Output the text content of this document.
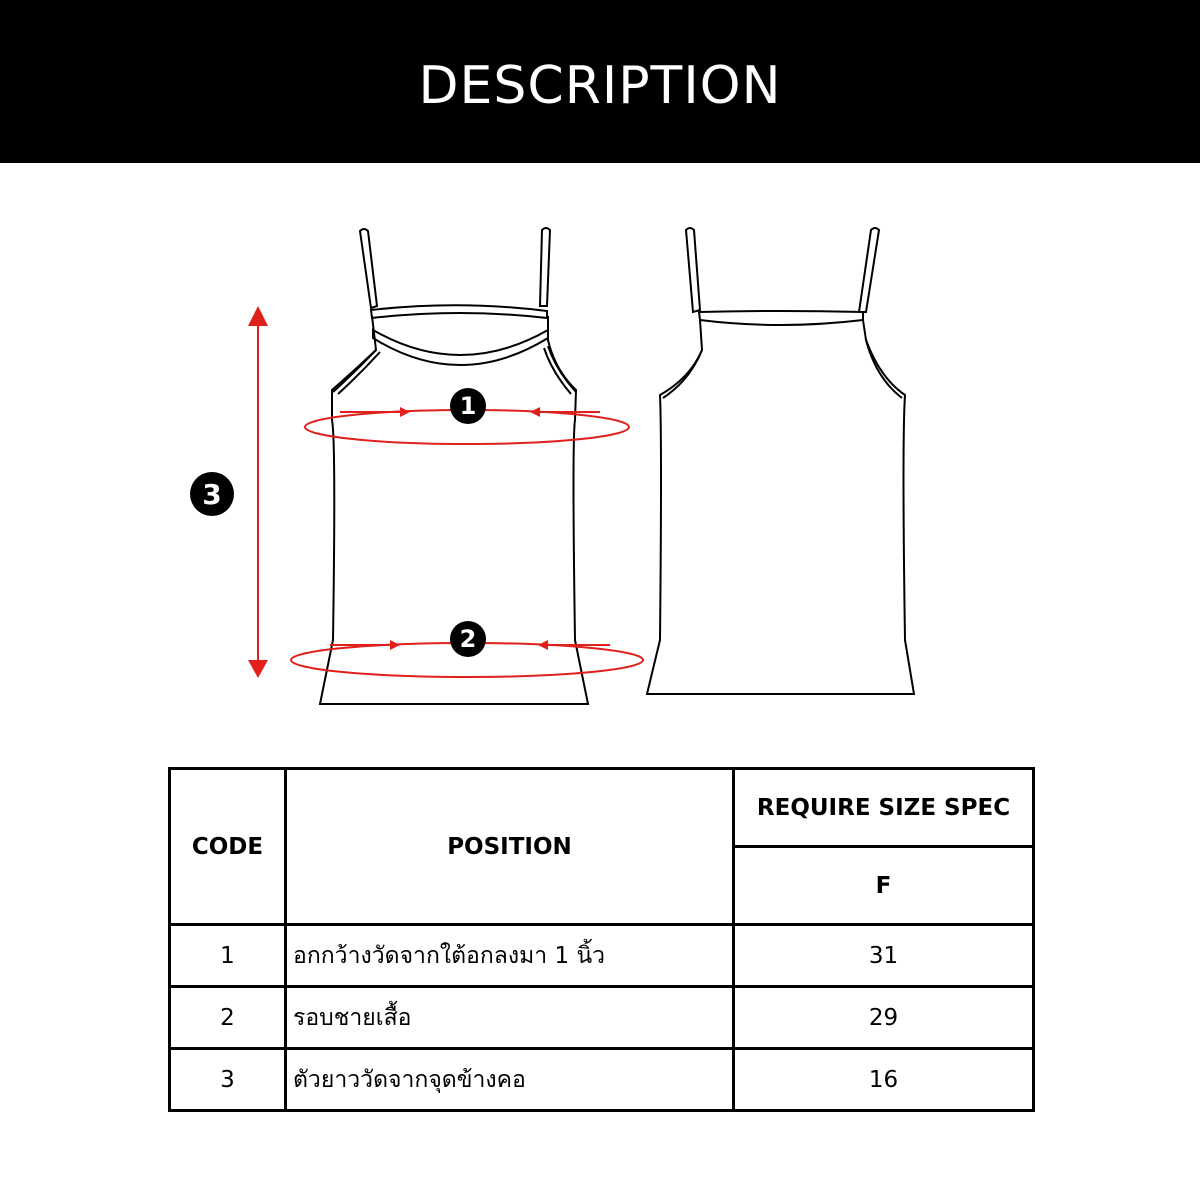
DESCRIPTION
1
2
3
CODE	POSITION	REQUIRE SIZE SPEC
		F
1	อกกว้างวัดจากใต้อกลงมา 1 นิ้ว	31
2	รอบชายเสื้อ	29
3	ตัวยาววัดจากจุดข้างคอ	16
